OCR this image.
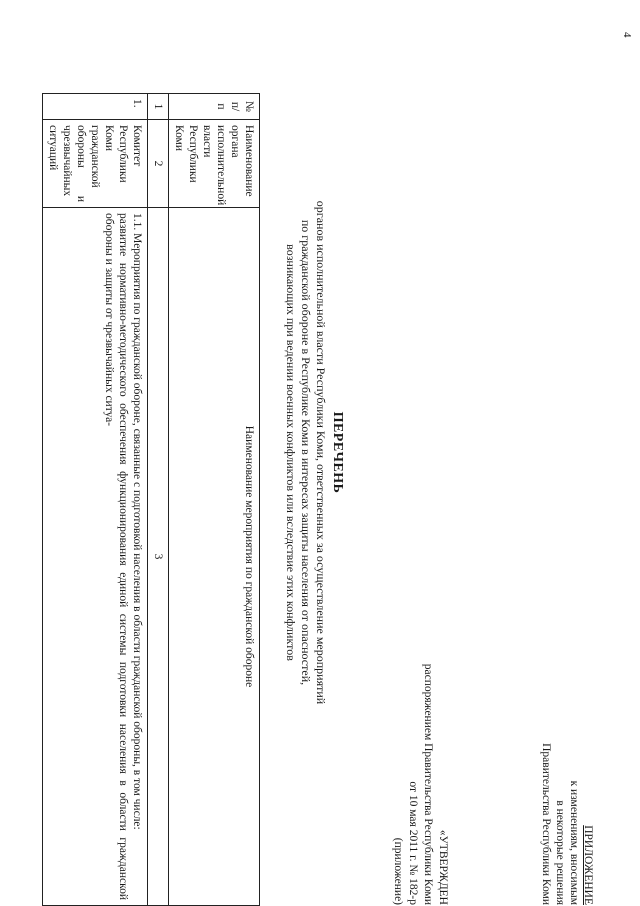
4
ПРИЛОЖЕНИЕ
к изменениям, вносимым
в некоторые решения
Правительства Республики Коми
«УТВЕРЖДЕН
распоряжением Правительства Республики Коми
от 10 мая 2011 г. № 182-р
(приложение)
ПЕРЕЧЕНЬ
органов исполнительной власти Республики Коми, ответственных за осуществление мероприятий
по гражданской обороне в Республике Коми в интересах защиты населения от опасностей,
возникающих при ведении военных конфликтов или вследствие этих конфликтов
№ п/п	Наименование органа исполнительной власти Республики Коми	Наименование мероприятия по гражданской обороне
1	2	3
1.	Комитет Республики Коми гражданской обороны и чрезвычайных ситуаций	1.1. Мероприятия по гражданской обороне, связанные с подготовкой населения в области гражданской обороны, в том числе:
развитие нормативно-методического обеспечения функционирования единой системы подготовки населения в области гражданской обороны и защиты от чрезвычайных ситуа-
